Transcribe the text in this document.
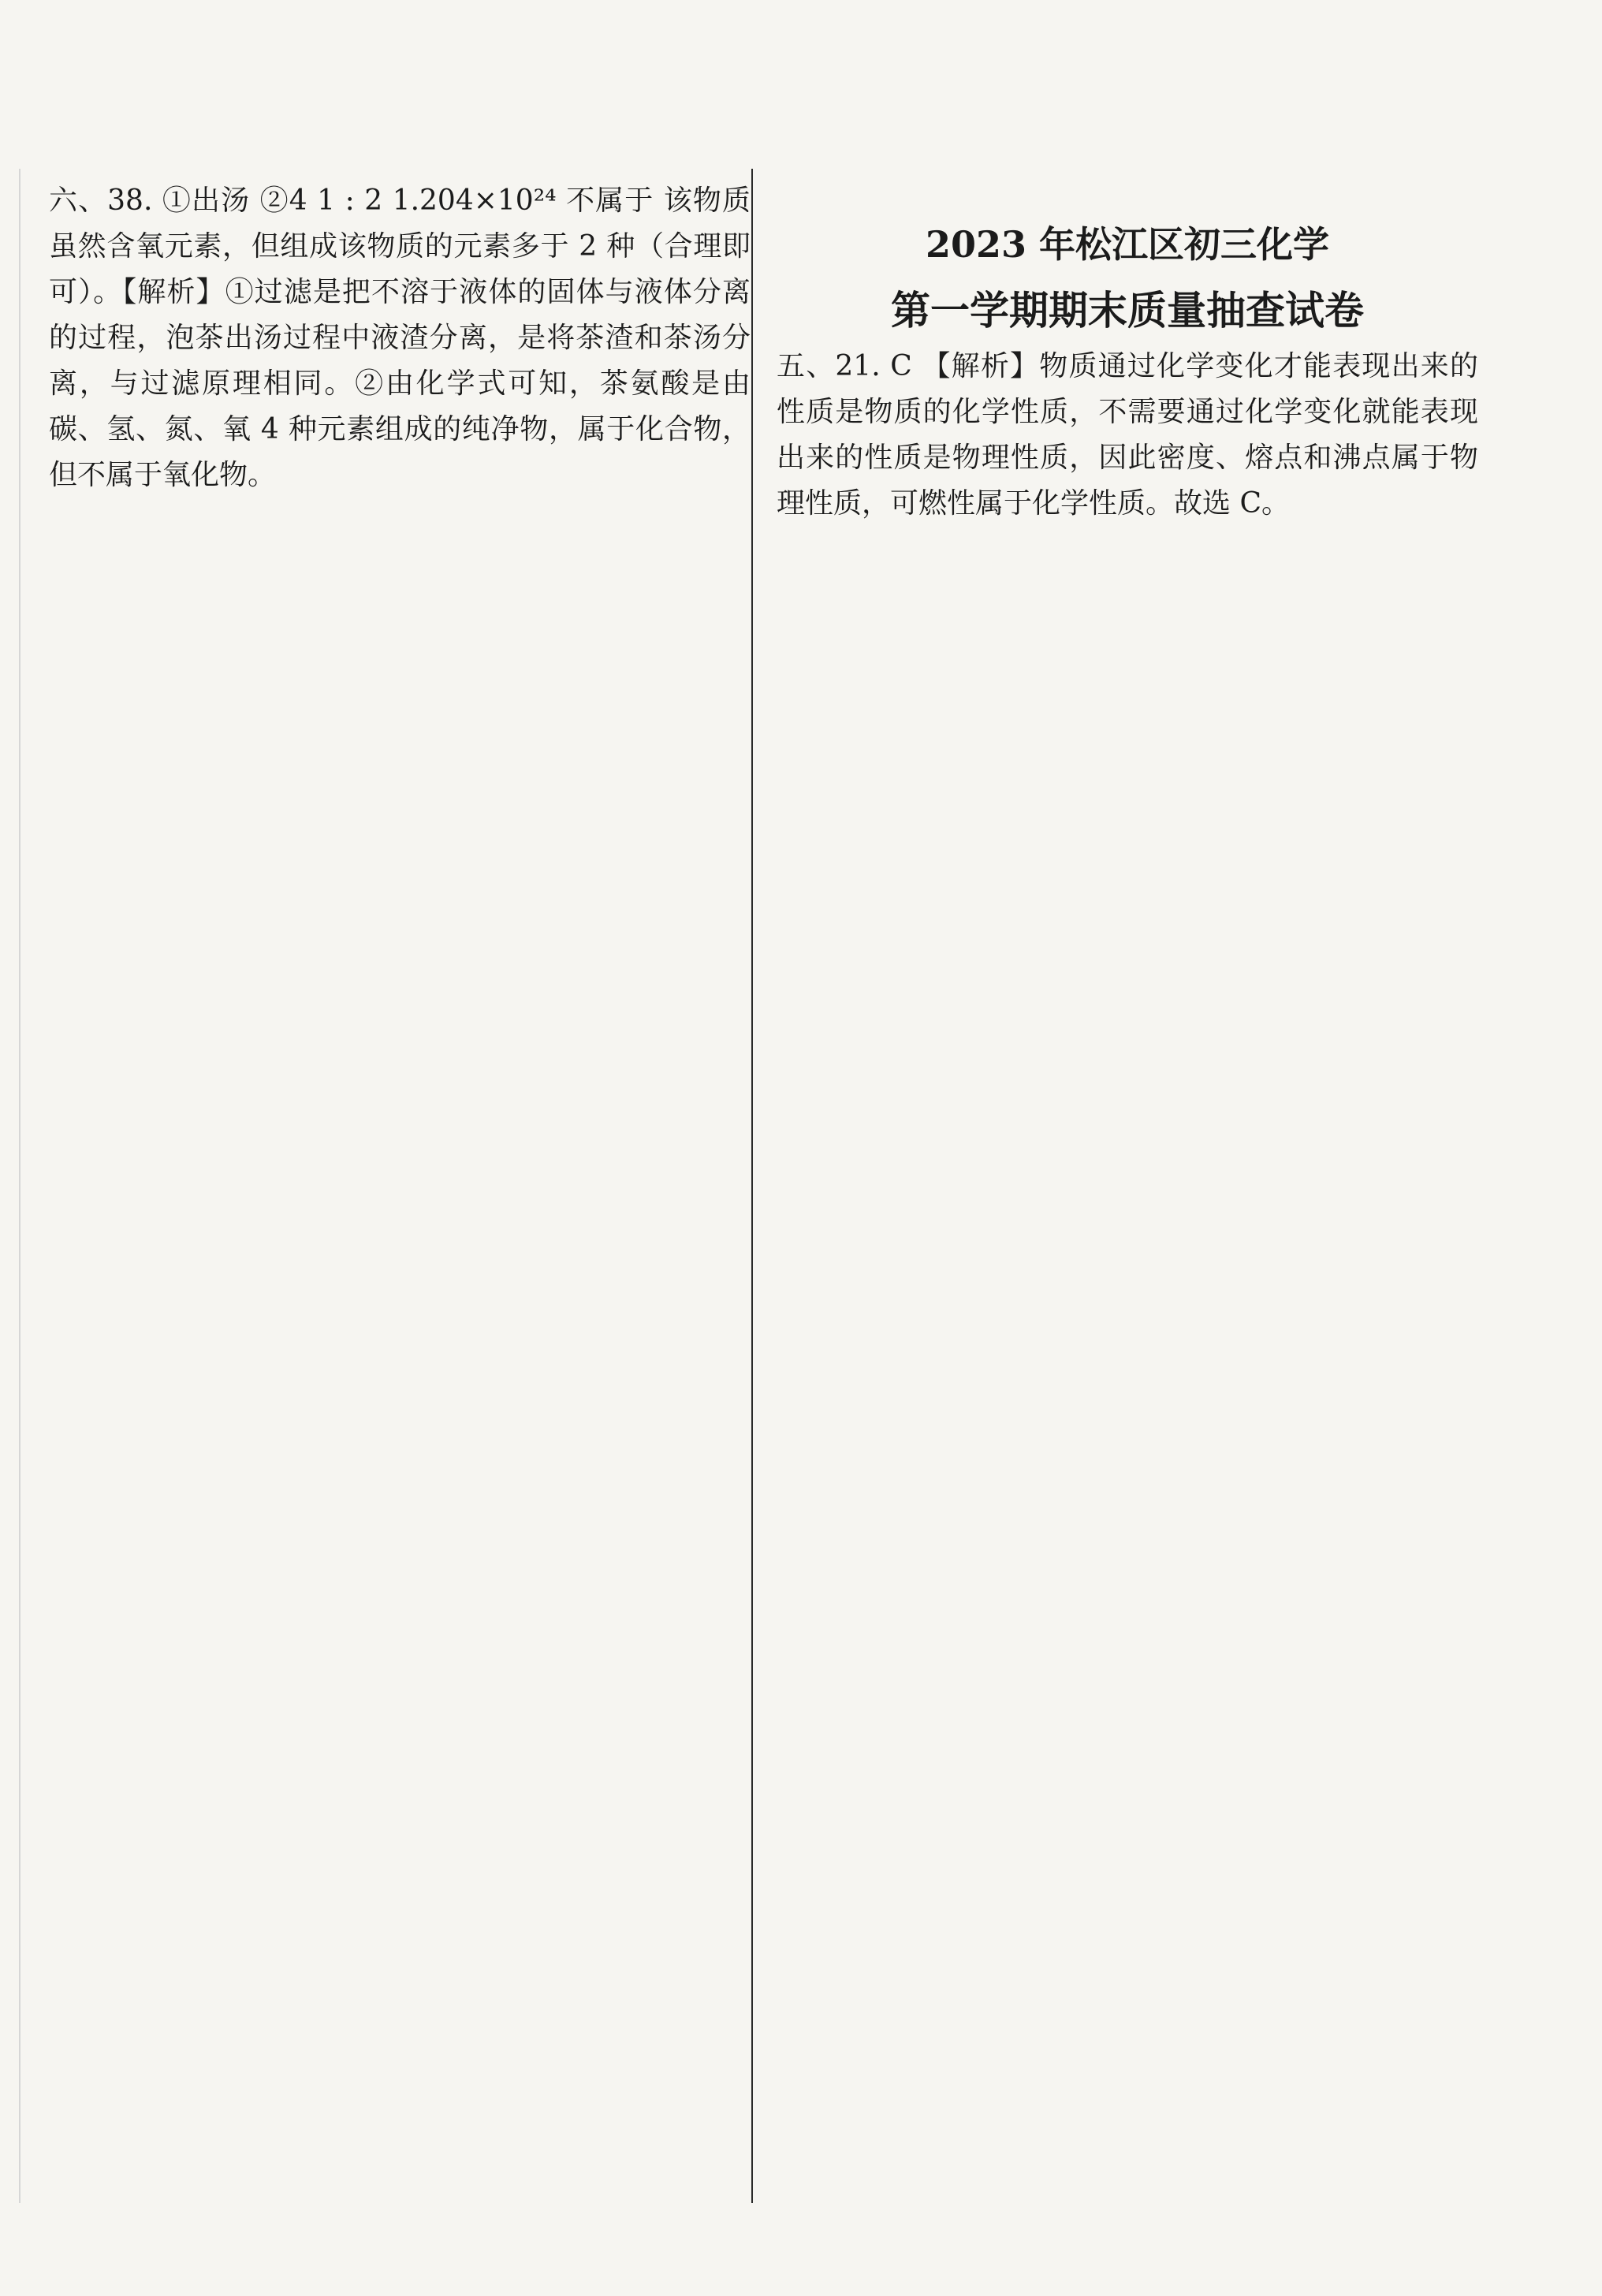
六、38. ①出汤 ②4 1 : 2 1.204×10²⁴ 不属于 该物质虽然含氧元素，但组成该物质的元素多于 2 种（合理即可）。【解析】①过滤是把不溶于液体的固体与液体分离的过程，泡茶出汤过程中液渣分离，是将茶渣和茶汤分离，与过滤原理相同。②由化学式可知，茶氨酸是由碳、氢、氮、氧 4 种元素组成的纯净物，属于化合物，但不属于氧化物。

2023 年松江区初三化学

第一学期期末质量抽查试卷

五、21. C 【解析】物质通过化学变化才能表现出来的性质是物质的化学性质，不需要通过化学变化就能表现出来的性质是物理性质，因此密度、熔点和沸点属于物理性质，可燃性属于化学性质。故选 C。
